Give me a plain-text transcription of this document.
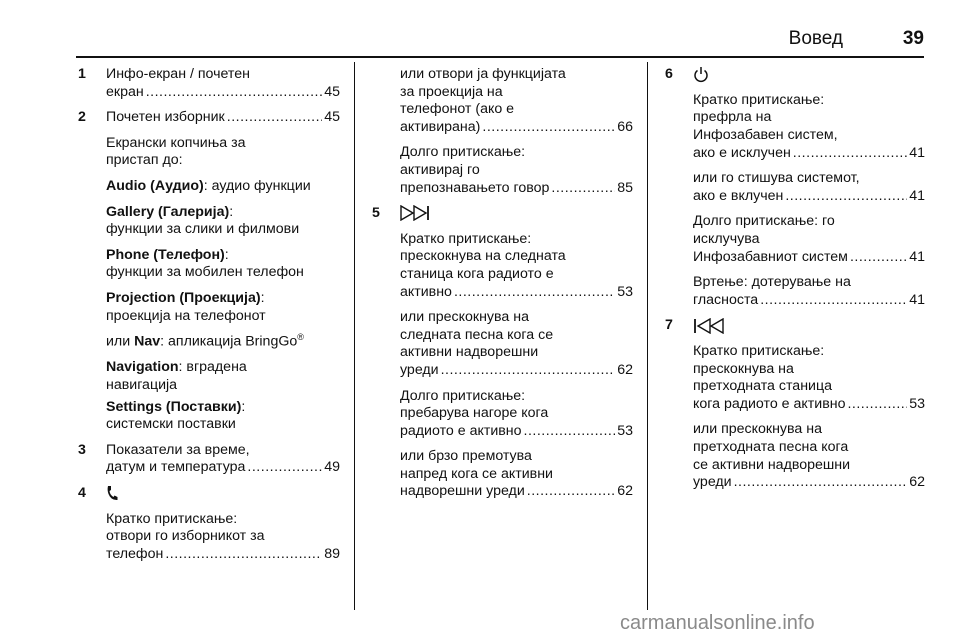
Вовед	39
1 Инфо-екран / почетен

екран .....	45

2 Почетен изборник .....	45

Екрански копчиња за
пристап до:

Audio (Аудио): аудио функции

Gallery (Галерија):
функции за слики и филмови

Phone (Телефон):
функции за мобилен телефон

Projection (Проекција):
проекција на телефонот

или Nav: апликација BringGo®

Navigation: вградена
навигација

Settings (Поставки):
системски поставки

3 Показатели за време,

датум и температура .....	49

4

Кратко притискање:
отвори го изборникот за

телефон .....	89

или отвори ја функцијата
за проекција на
телефонот (ако е

активирана) .....	66

Долго притискање:
активирај го

препознавањето говор .....	85

5

Кратко притискање:
прескокнува на следната
станица кога радиото е

активно .....	53

или прескокнува на
следната песна кога се
активни надворешни

уреди .....	62

Долго притискање:
пребарува нагоре кога

радиото е активно .....	53

или брзо премотува
напред кога се активни

надворешни уреди .....	62

6

Кратко притискање:
префрла на
Инфозабавен систем,

ако е исклучен .....	41

или го стишува системот,

ако е вклучен .....	41

Долго притискање: го
исклучува

Инфозабавниот систем .....	41

Вртење: дотерување на

гласноста .....	41

7

Кратко притискање:
прескокнува на
претходната станица

кога радиото е активно .....	53

или прескокнува на
претходната песна кога
се активни надворешни

уреди .....	62

carmanualsonline.info
